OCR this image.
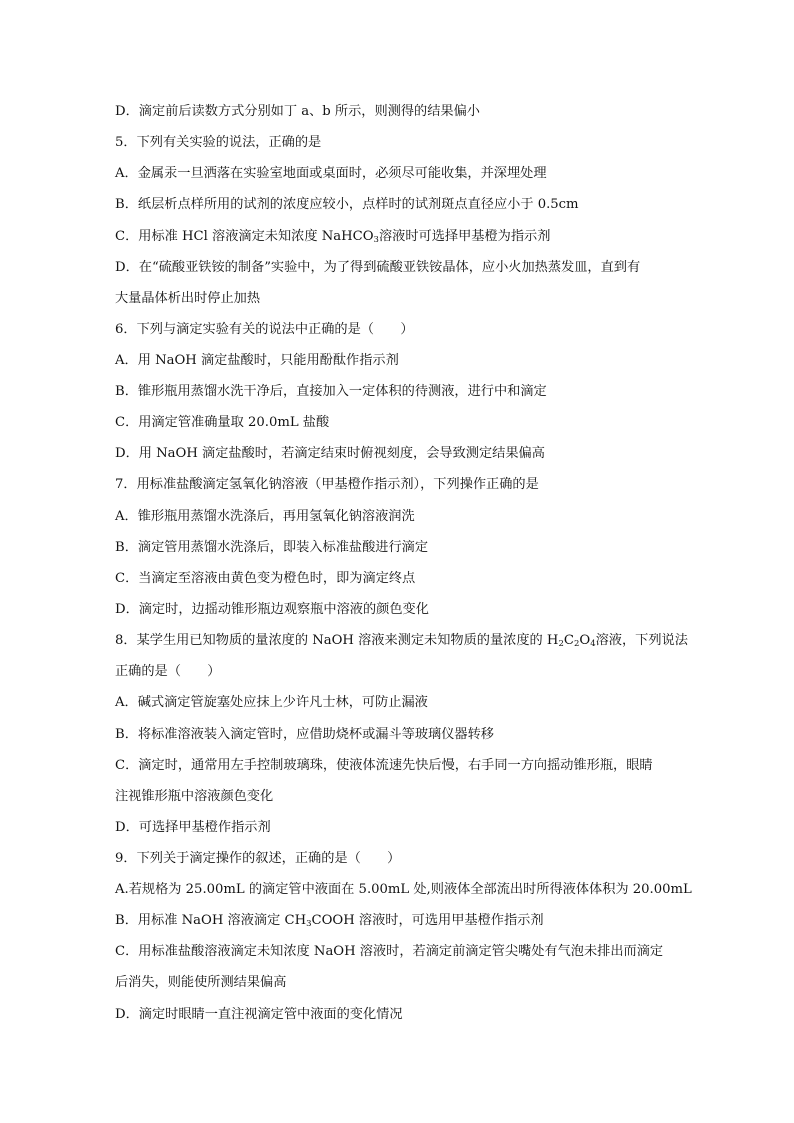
D．滴定前后读数方式分别如丁 a、b 所示，则测得的结果偏小
5．下列有关实验的说法，正确的是
A．金属汞一旦洒落在实验室地面或桌面时，必须尽可能收集，并深埋处理
B．纸层析点样所用的试剂的浓度应较小，点样时的试剂斑点直径应小于 0.5cm
C．用标准 HCl 溶液滴定未知浓度 NaHCO$_3$溶液时可选择甲基橙为指示剂
D．在“硫酸亚铁铵的制备”实验中，为了得到硫酸亚铁铵晶体，应小火加热蒸发皿，直到有
大量晶体析出时停止加热
6．下列与滴定实验有关的说法中正确的是（　　）
A．用 NaOH 滴定盐酸时，只能用酚酞作指示剂
B．锥形瓶用蒸馏水洗干净后，直接加入一定体积的待测液，进行中和滴定
C．用滴定管准确量取 20.0mL 盐酸
D．用 NaOH 滴定盐酸时，若滴定结束时俯视刻度，会导致测定结果偏高
7．用标准盐酸滴定氢氧化钠溶液（甲基橙作指示剂），下列操作正确的是
A．锥形瓶用蒸馏水洗涤后，再用氢氧化钠溶液润洗
B．滴定管用蒸馏水洗涤后，即装入标准盐酸进行滴定
C．当滴定至溶液由黄色变为橙色时，即为滴定终点
D．滴定时，边摇动锥形瓶边观察瓶中溶液的颜色变化
8．某学生用已知物质的量浓度的 NaOH 溶液来测定未知物质的量浓度的 $H_2C_2O_4$溶液，下列说法
正确的是（　　）
A．碱式滴定管旋塞处应抹上少许凡士林，可防止漏液
B．将标准溶液装入滴定管时，应借助烧杯或漏斗等玻璃仪器转移
C．滴定时，通常用左手控制玻璃珠，使液体流速先快后慢，右手同一方向摇动锥形瓶，眼睛
注视锥形瓶中溶液颜色变化
D．可选择甲基橙作指示剂
9．下列关于滴定操作的叙述，正确的是（　　）
A.若规格为 25.00mL 的滴定管中液面在 5.00mL 处,则液体全部流出时所得液体体积为 20.00mL
B．用标准 NaOH 溶液滴定 $CH_3COOH$ 溶液时，可选用甲基橙作指示剂
C．用标准盐酸溶液滴定未知浓度 NaOH 溶液时，若滴定前滴定管尖嘴处有气泡未排出而滴定
后消失，则能使所测结果偏高
D．滴定时眼睛一直注视滴定管中液面的变化情况
